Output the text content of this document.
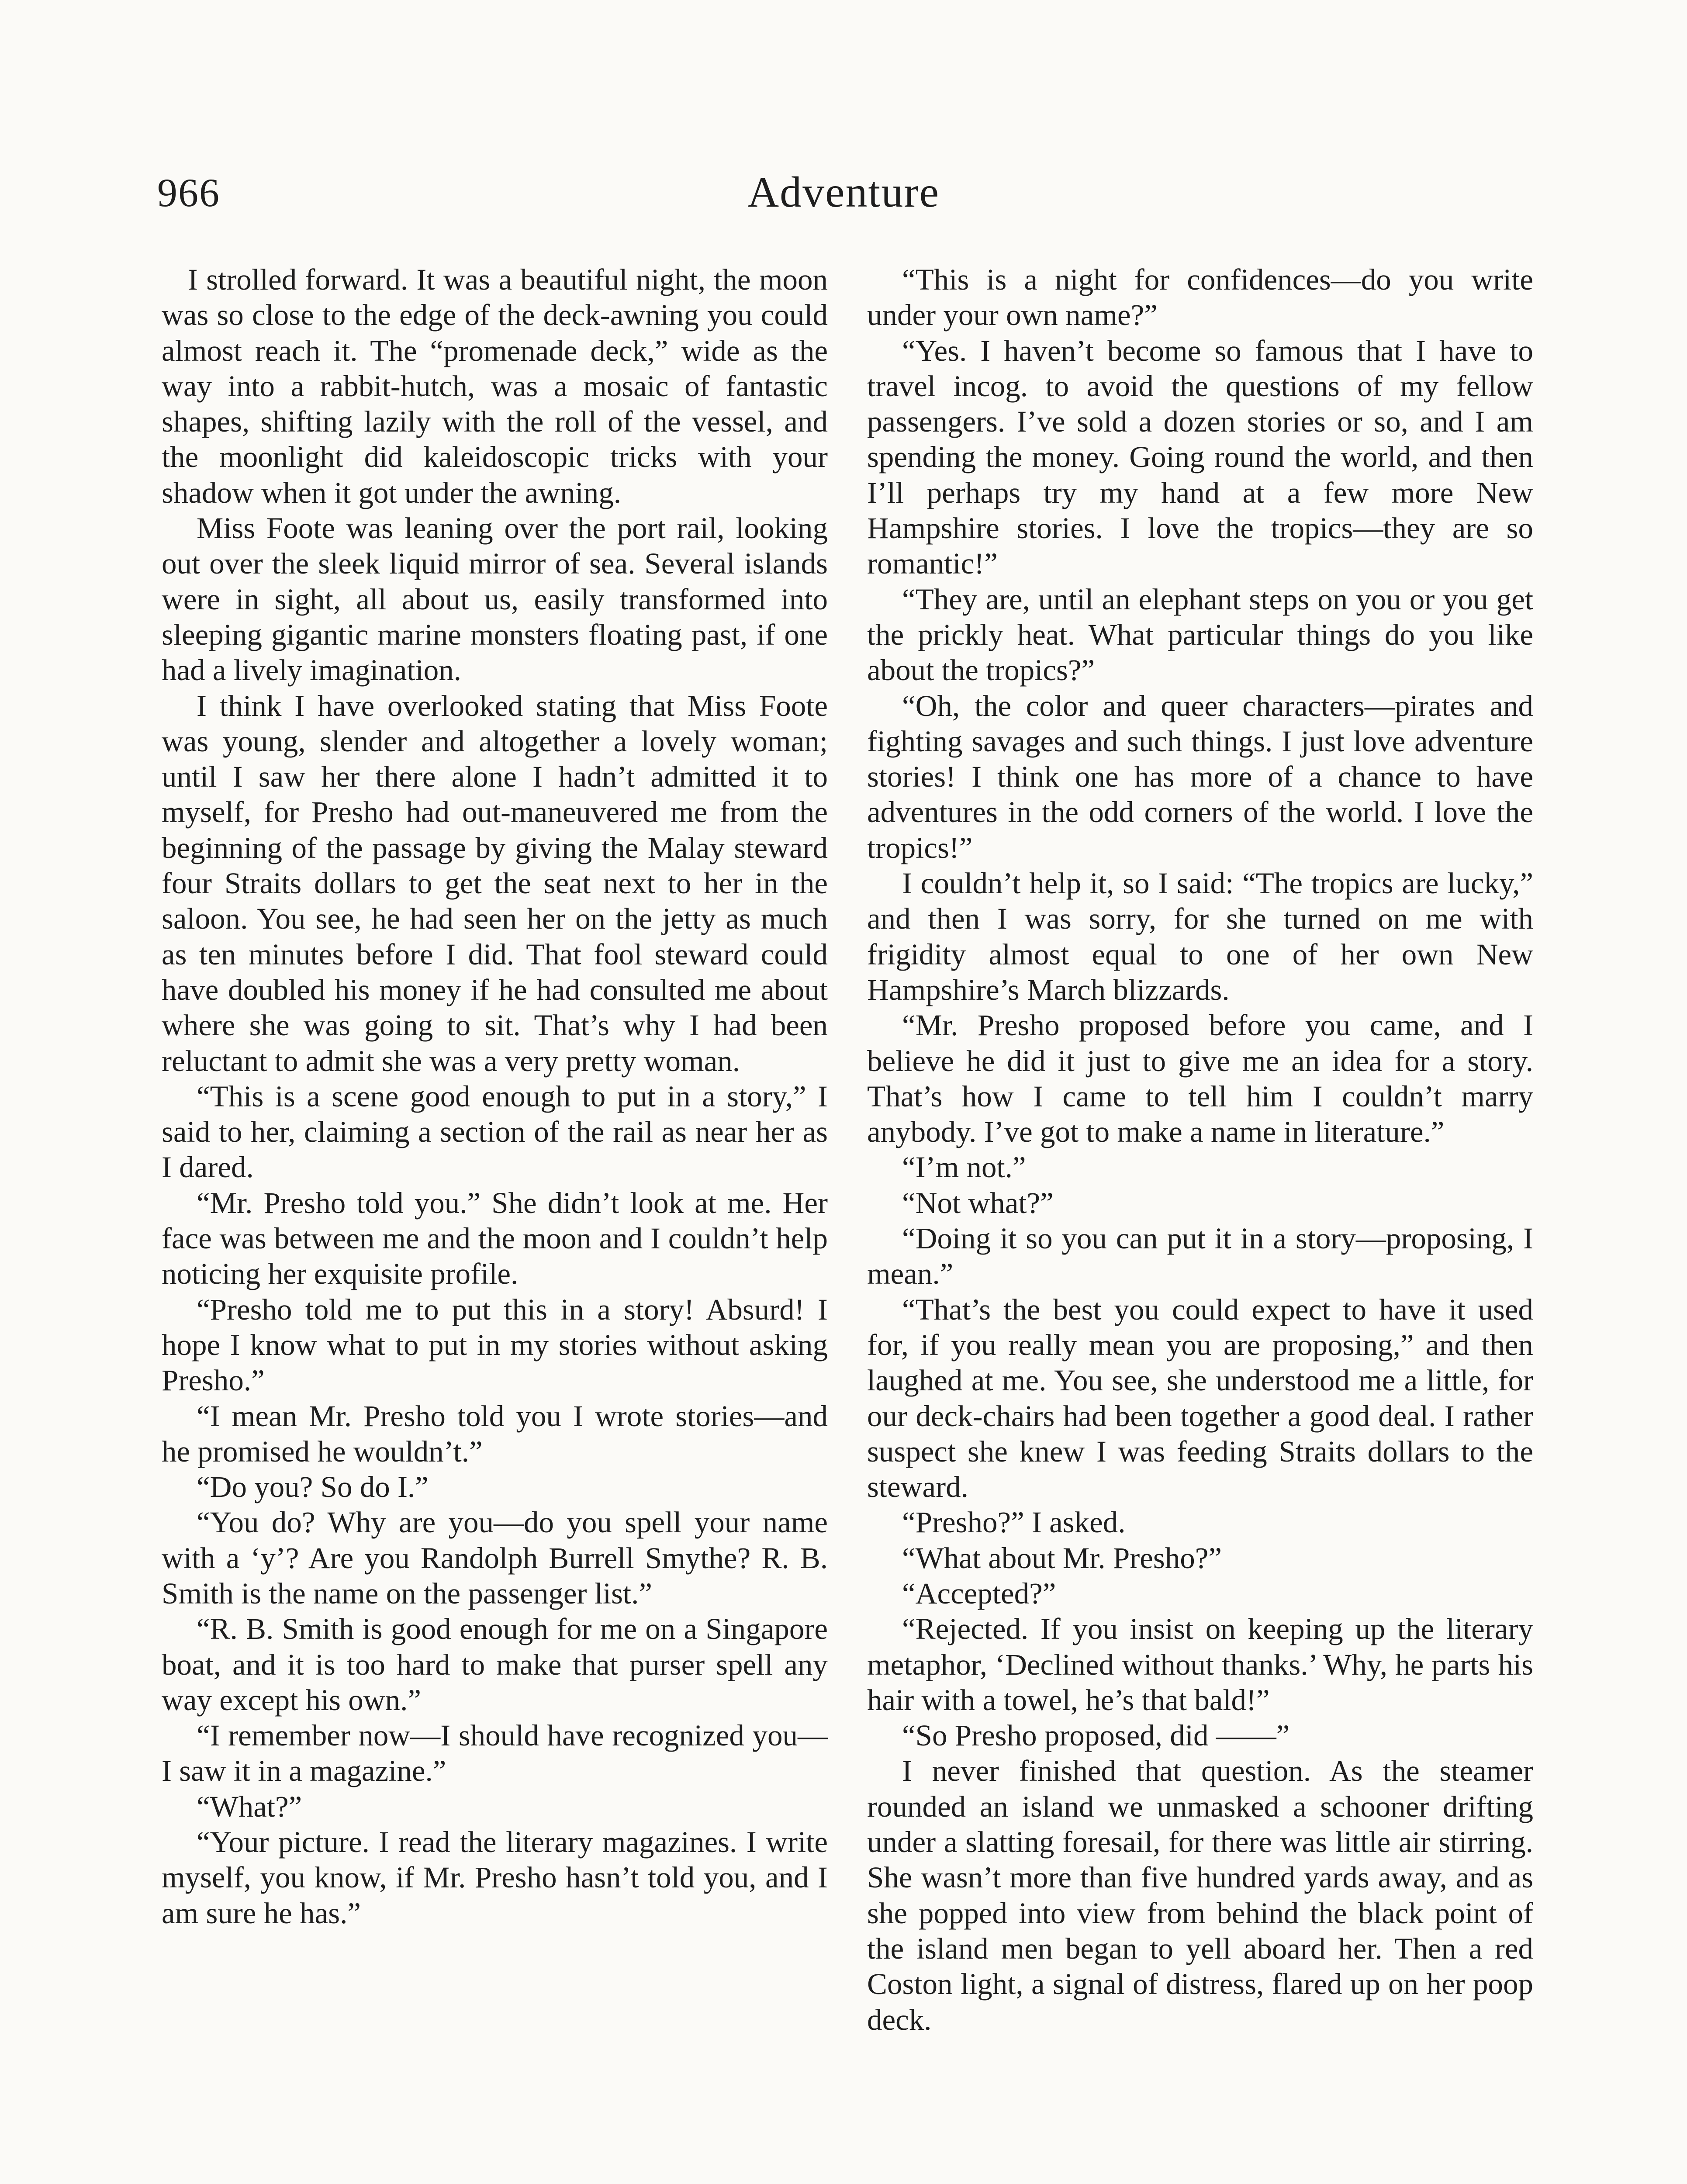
966	Adventure

I strolled forward. It was a beautiful night, the moon was so close to the edge of the deck-awning you could almost reach it. The “promenade deck,” wide as the way into a rabbit-hutch, was a mosaic of fantastic shapes, shifting lazily with the roll of the vessel, and the moonlight did kaleidoscopic tricks with your shadow when it got under the awning.

Miss Foote was leaning over the port rail, looking out over the sleek liquid mirror of sea. Several islands were in sight, all about us, easily transformed into sleeping gigantic marine monsters floating past, if one had a lively imagination.

I think I have overlooked stating that Miss Foote was young, slender and altogether a lovely woman; until I saw her there alone I hadn’t admitted it to myself, for Presho had out-maneuvered me from the beginning of the passage by giving the Malay steward four Straits dollars to get the seat next to her in the saloon. You see, he had seen her on the jetty as much as ten minutes before I did. That fool steward could have doubled his money if he had consulted me about where she was going to sit. That’s why I had been reluctant to admit she was a very pretty woman.

“This is a scene good enough to put in a story,” I said to her, claiming a section of the rail as near her as I dared.

“Mr. Presho told you.” She didn’t look at me. Her face was between me and the moon and I couldn’t help noticing her exquisite profile.

“Presho told me to put this in a story! Absurd! I hope I know what to put in my stories without asking Presho.”

“I mean Mr. Presho told you I wrote stories—and he promised he wouldn’t.”

“Do you? So do I.”

“You do? Why are you—do you spell your name with a ‘y’? Are you Randolph Burrell Smythe? R. B. Smith is the name on the passenger list.”

“R. B. Smith is good enough for me on a Singapore boat, and it is too hard to make that purser spell any way except his own.”

“I remember now—I should have recognized you—I saw it in a magazine.”

“What?”

“Your picture. I read the literary magazines. I write myself, you know, if Mr. Presho hasn’t told you, and I am sure he has.”

“This is a night for confidences—do you write under your own name?”

“Yes. I haven’t become so famous that I have to travel incog. to avoid the questions of my fellow passengers. I’ve sold a dozen stories or so, and I am spending the money. Going round the world, and then I’ll perhaps try my hand at a few more New Hampshire stories. I love the tropics—they are so romantic!”

“They are, until an elephant steps on you or you get the prickly heat. What particular things do you like about the tropics?”

“Oh, the color and queer characters—pirates and fighting savages and such things. I just love adventure stories! I think one has more of a chance to have adventures in the odd corners of the world. I love the tropics!”

I couldn’t help it, so I said: “The tropics are lucky,” and then I was sorry, for she turned on me with frigidity almost equal to one of her own New Hampshire’s March blizzards.

“Mr. Presho proposed before you came, and I believe he did it just to give me an idea for a story. That’s how I came to tell him I couldn’t marry anybody. I’ve got to make a name in literature.”

“I’m not.”

“Not what?”

“Doing it so you can put it in a story—proposing, I mean.”

“That’s the best you could expect to have it used for, if you really mean you are proposing,” and then laughed at me. You see, she understood me a little, for our deck-chairs had been together a good deal. I rather suspect she knew I was feeding Straits dollars to the steward.

“Presho?” I asked.

“What about Mr. Presho?”

“Accepted?”

“Rejected. If you insist on keeping up the literary metaphor, ‘Declined without thanks.’ Why, he parts his hair with a towel, he’s that bald!”

“So Presho proposed, did ——”

I never finished that question. As the steamer rounded an island we unmasked a schooner drifting under a slatting foresail, for there was little air stirring. She wasn’t more than five hundred yards away, and as she popped into view from behind the black point of the island men began to yell aboard her. Then a red Coston light, a signal of distress, flared up on her poop deck.
